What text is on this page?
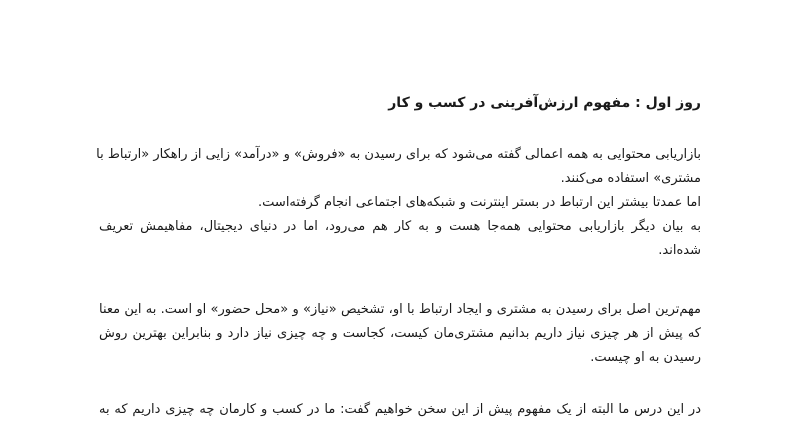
روز اول : مفهوم ارزش‌آفرینی در کسب و کار
بازاریابی محتوایی به همه اعمالی گفته می‌شود که برای رسیدن به «فروش» و «درآمد» زایی از راهکار «ارتباط با
مشتری» استفاده می‌کنند.
اما عمدتا بیشتر این ارتباط در بستر اینترنت و شبکه‌های اجتماعی انجام گرفته‌است.
به بیان دیگر بازاریابی محتوایی همه‌جا هست و به کار هم می‌رود، اما در دنیای دیجیتال، مفاهیمش تعریف
شده‌اند.
مهم‌ترین اصل برای رسیدن به مشتری و ایجاد ارتباط با او، تشخیص «نیاز» و «محل حضور» او است. به این معنا
که پیش از هر چیزی نیاز داریم بدانیم مشتری‌مان کیست، کجاست و چه چیزی نیاز دارد و بنابراین بهترین روش
رسیدن به او چیست.
در این درس ما البته از یک مفهوم پیش از این سخن خواهیم گفت: ما در کسب و کارمان چه چیزی داریم که به
